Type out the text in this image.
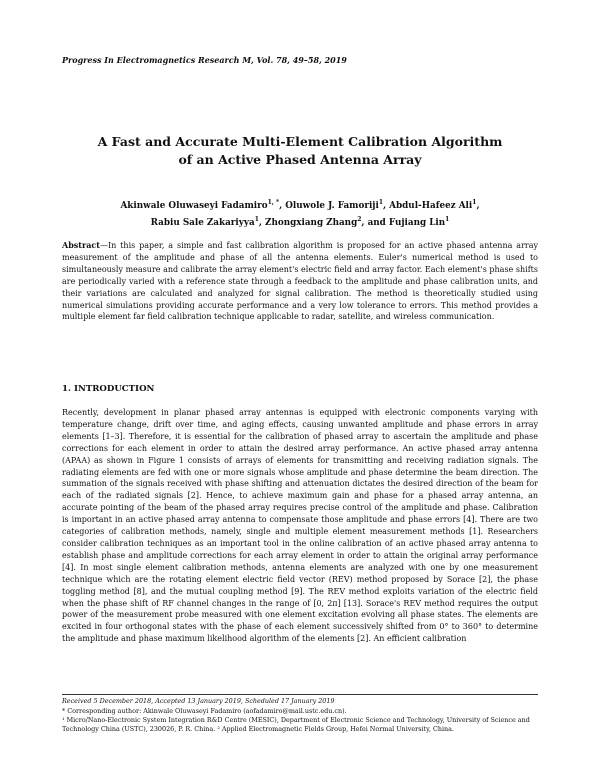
Progress In Electromagnetics Research M, Vol. 78, 49–58, 2019
A Fast and Accurate Multi-Element Calibration Algorithm
of an Active Phased Antenna Array
Akinwale Oluwaseyi Fadamiro$^{1, *}$, Oluwole J. Famoriji$^1$, Abdul-Hafeez Ali$^1$,
Rabiu Sale Zakariyya$^1$, Zhongxiang Zhang$^2$, and Fujiang Lin$^1$
Abstract—In this paper, a simple and fast calibration algorithm is proposed for an active phased antenna array measurement of the amplitude and phase of all the antenna elements. Euler's numerical method is used to simultaneously measure and calibrate the array element's electric field and array factor. Each element's phase shifts are periodically varied with a reference state through a feedback to the amplitude and phase calibration units, and their variations are calculated and analyzed for signal calibration. The method is theoretically studied using numerical simulations providing accurate performance and a very low tolerance to errors. This method provides a multiple element far field calibration technique applicable to radar, satellite, and wireless communication.
1. INTRODUCTION
Recently, development in planar phased array antennas is equipped with electronic components varying with temperature change, drift over time, and aging effects, causing unwanted amplitude and phase errors in array elements [1–3]. Therefore, it is essential for the calibration of phased array to ascertain the amplitude and phase corrections for each element in order to attain the desired array performance. An active phased array antenna (APAA) as shown in Figure 1 consists of arrays of elements for transmitting and receiving radiation signals. The radiating elements are fed with one or more signals whose amplitude and phase determine the beam direction. The summation of the signals received with phase shifting and attenuation dictates the desired direction of the beam for each of the radiated signals [2]. Hence, to achieve maximum gain and phase for a phased array antenna, an accurate pointing of the beam of the phased array requires precise control of the amplitude and phase. Calibration is important in an active phased array antenna to compensate those amplitude and phase errors [4]. There are two categories of calibration methods, namely, single and multiple element measurement methods [1]. Researchers consider calibration techniques as an important tool in the online calibration of an active phased array antenna to establish phase and amplitude corrections for each array element in order to attain the original array performance [4]. In most single element calibration methods, antenna elements are analyzed with one by one measurement technique which are the rotating element electric field vector (REV) method proposed by Sorace [2], the phase toggling method [8], and the mutual coupling method [9]. The REV method exploits variation of the electric field when the phase shift of RF channel changes in the range of [0, 2π] [13]. Sorace's REV method requires the output power of the measurement probe measured with one element excitation evolving all phase states. The elements are excited in four orthogonal states with the phase of each element successively shifted from 0° to 360° to determine the amplitude and phase maximum likelihood algorithm of the elements [2]. An efficient calibration
Received 5 December 2018, Accepted 13 January 2019, Scheduled 17 January 2019
* Corresponding author: Akinwale Oluwaseyi Fadamiro (aofadamiro@mail.ustc.edu.cn).
¹ Micro/Nano-Electronic System Integration R&D Centre (MESIC), Department of Electronic Science and Technology, University of Science and Technology China (USTC), 230026, P. R. China. ² Applied Electromagnetic Fields Group, Hefei Normal University, China.
